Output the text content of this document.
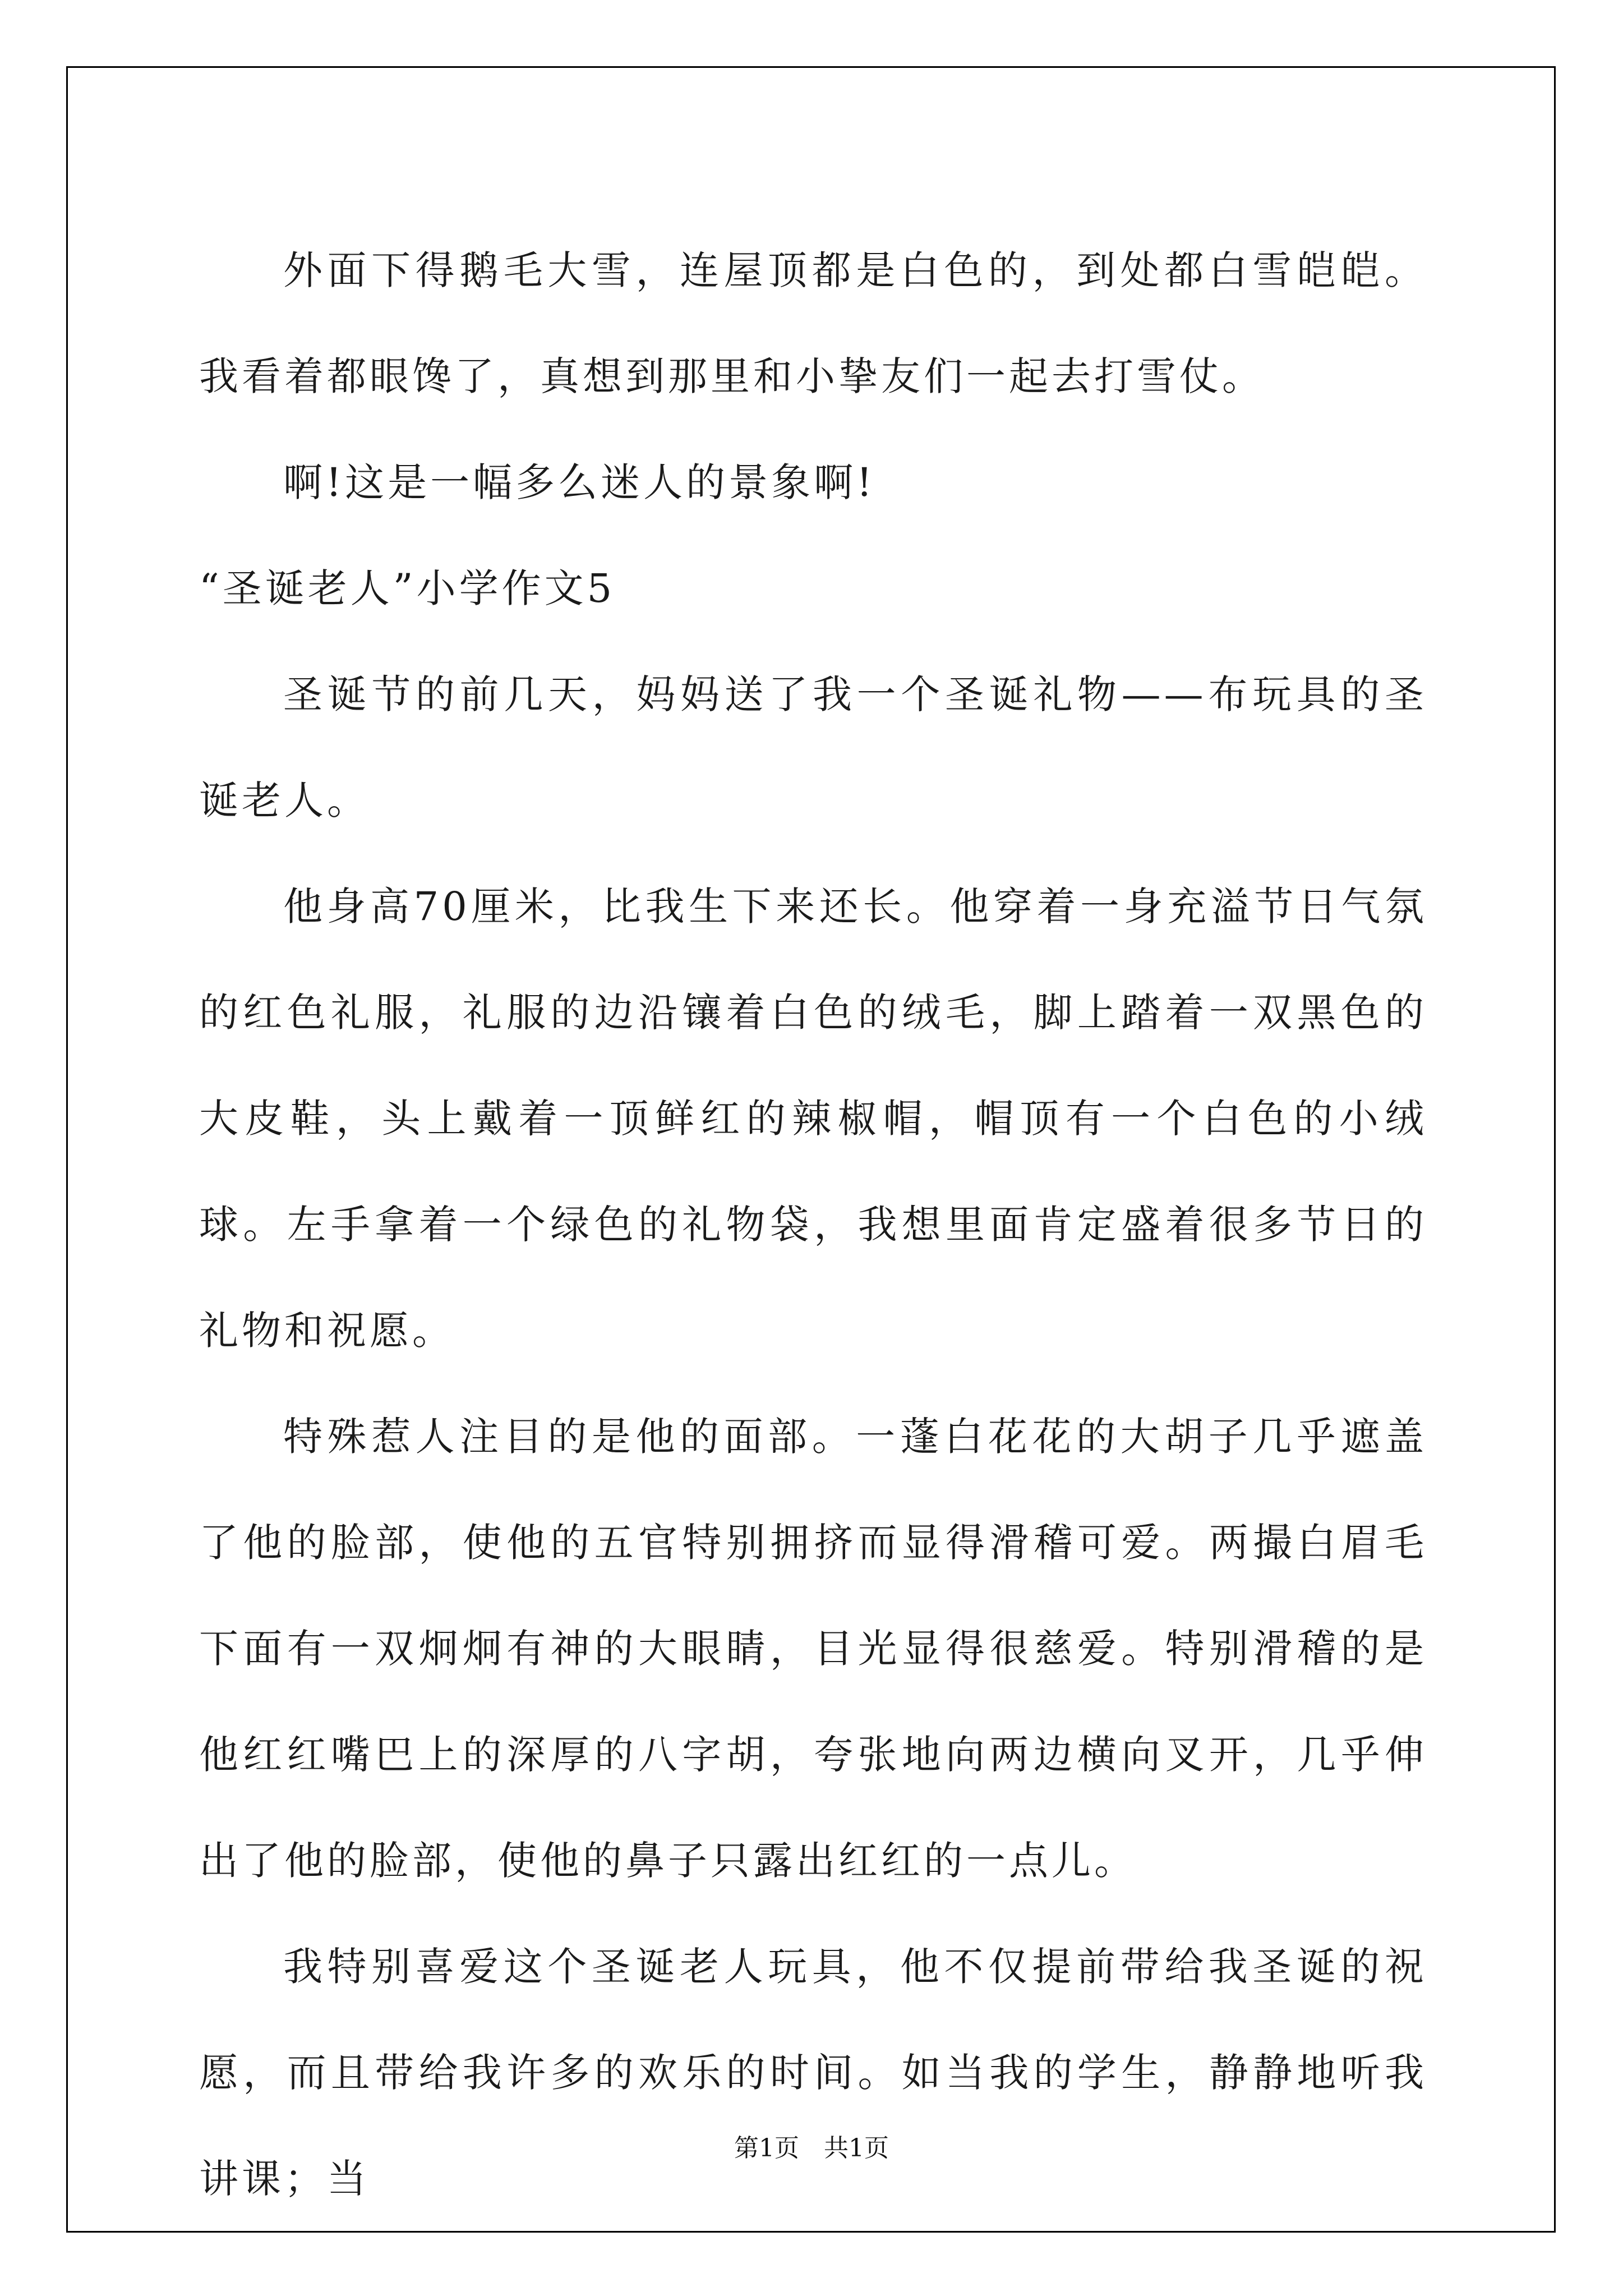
外面下得鹅毛大雪，连屋顶都是白色的，到处都白雪皑皑。我看着都眼馋了，真想到那里和小挚友们一起去打雪仗。

啊!这是一幅多么迷人的景象啊!

“圣诞老人”小学作文5

圣诞节的前几天，妈妈送了我一个圣诞礼物——布玩具的圣诞老人。

他身高70厘米，比我生下来还长。他穿着一身充溢节日气氛的红色礼服，礼服的边沿镶着白色的绒毛，脚上踏着一双黑色的大皮鞋，头上戴着一顶鲜红的辣椒帽，帽顶有一个白色的小绒球。左手拿着一个绿色的礼物袋，我想里面肯定盛着很多节日的礼物和祝愿。

特殊惹人注目的是他的面部。一蓬白花花的大胡子几乎遮盖了他的脸部，使他的五官特别拥挤而显得滑稽可爱。两撮白眉毛下面有一双炯炯有神的大眼睛，目光显得很慈爱。特别滑稽的是他红红嘴巴上的深厚的八字胡，夸张地向两边横向叉开，几乎伸出了他的脸部，使他的鼻子只露出红红的一点儿。

我特别喜爱这个圣诞老人玩具，他不仅提前带给我圣诞的祝愿，而且带给我许多的欢乐的时间。如当我的学生，静静地听我讲课；当

第1页　共1页
